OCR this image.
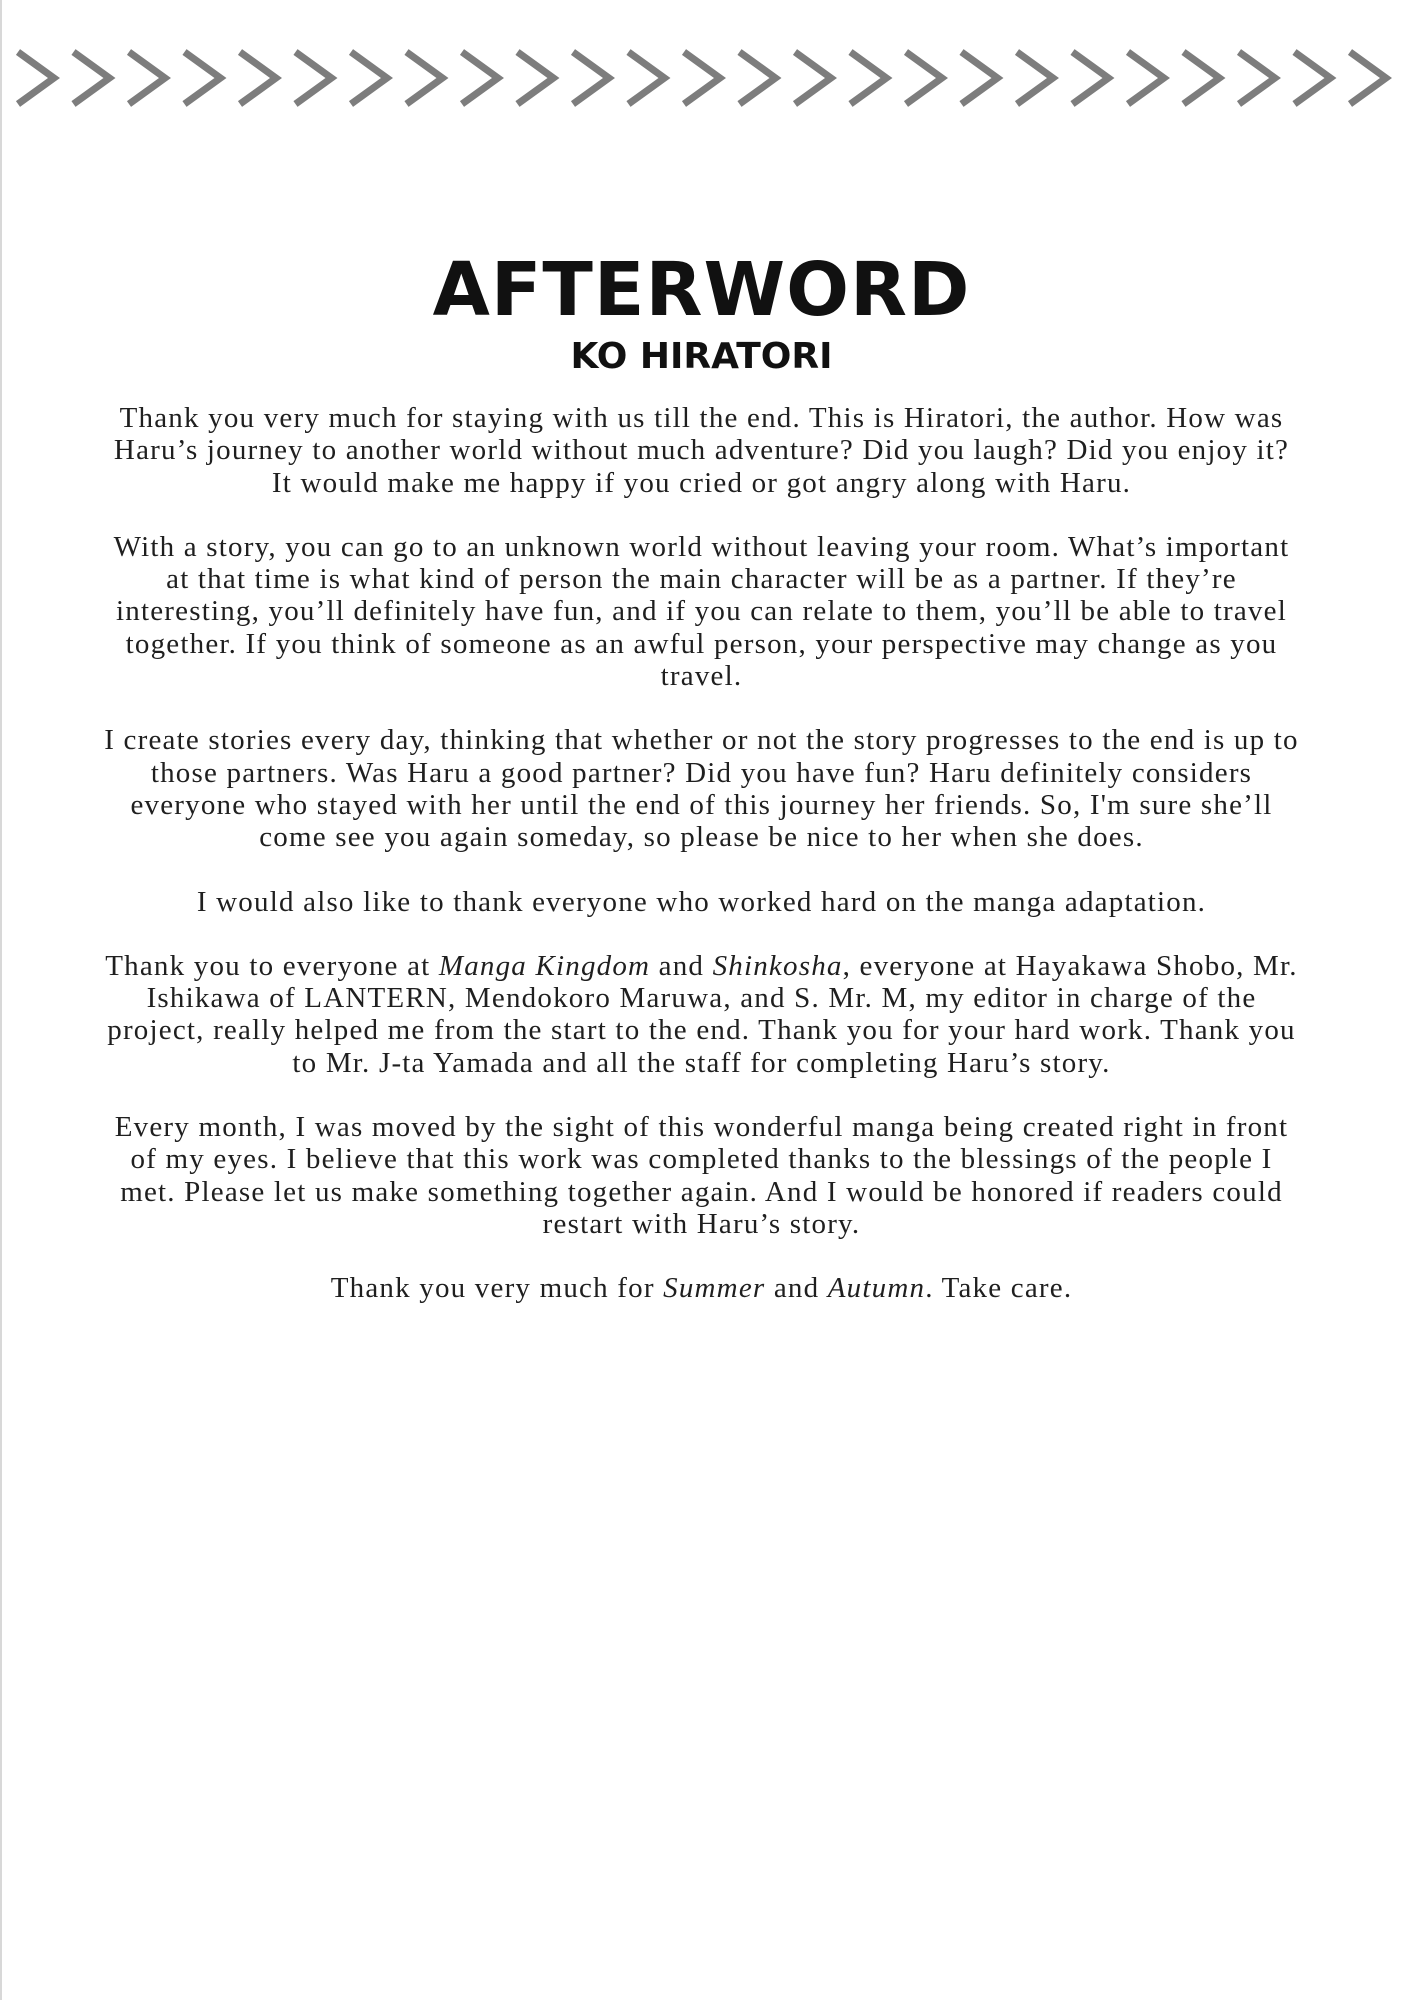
AFTERWORD
KO HIRATORI

Thank you very much for staying with us till the end. This is Hiratori, the author. How was Haru’s journey to another world without much adventure? Did you laugh? Did you enjoy it? It would make me happy if you cried or got angry along with Haru.

With a story, you can go to an unknown world without leaving your room. What’s important at that time is what kind of person the main character will be as a partner. If they’re interesting, you’ll definitely have fun, and if you can relate to them, you’ll be able to travel together. If you think of someone as an awful person, your perspective may change as you travel.

I create stories every day, thinking that whether or not the story progresses to the end is up to those partners. Was Haru a good partner? Did you have fun? Haru definitely considers everyone who stayed with her until the end of this journey her friends. So, I'm sure she’ll come see you again someday, so please be nice to her when she does.

I would also like to thank everyone who worked hard on the manga adaptation.

Thank you to everyone at Manga Kingdom and Shinkosha, everyone at Hayakawa Shobo, Mr. Ishikawa of LANTERN, Mendokoro Maruwa, and S. Mr. M, my editor in charge of the project, really helped me from the start to the end. Thank you for your hard work. Thank you to Mr. J-ta Yamada and all the staff for completing Haru’s story.

Every month, I was moved by the sight of this wonderful manga being created right in front of my eyes. I believe that this work was completed thanks to the blessings of the people I met. Please let us make something together again. And I would be honored if readers could restart with Haru’s story.

Thank you very much for Summer and Autumn. Take care.
